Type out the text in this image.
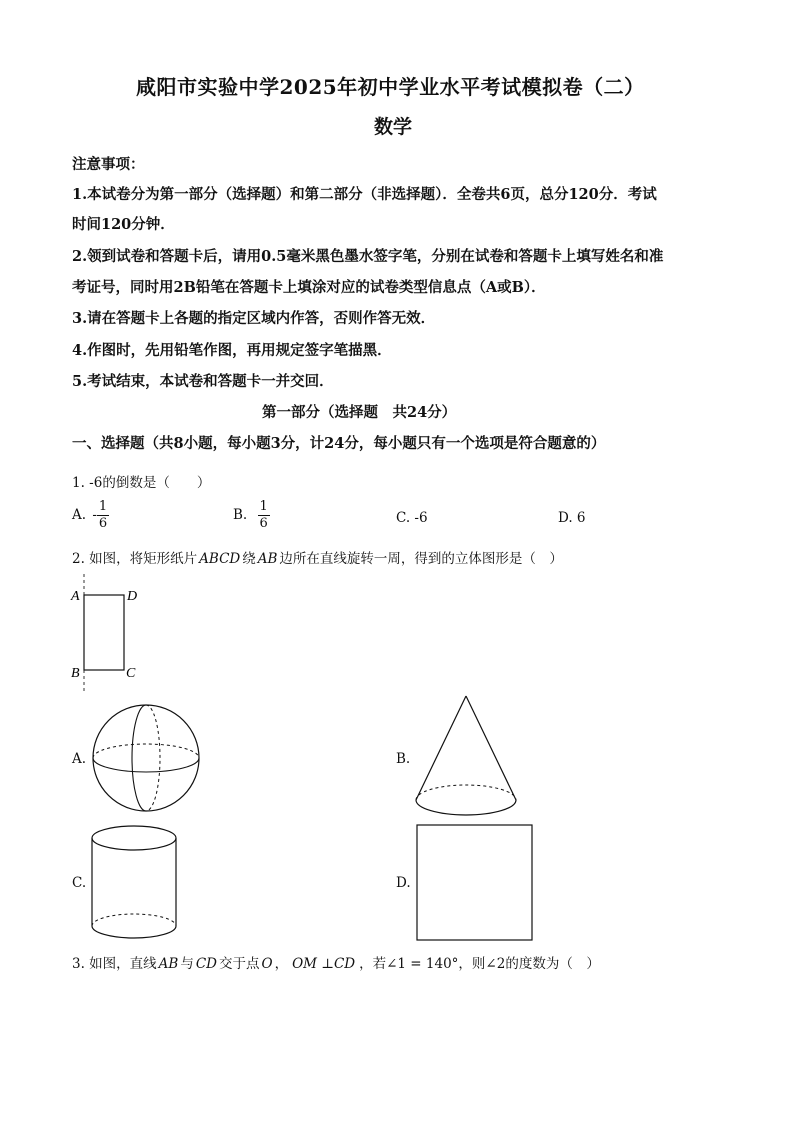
咸阳市实验中学2025年初中学业水平考试模拟卷（二）
数学
注意事项：
1.本试卷分为第一部分（选择题）和第二部分（非选择题）．全卷共6页，总分120分．考试
时间120分钟．
2.领到试卷和答题卡后，请用0.5毫米黑色墨水签字笔，分别在试卷和答题卡上填写姓名和准
考证号，同时用2B铅笔在答题卡上填涂对应的试卷类型信息点（A或B）．
3.请在答题卡上各题的指定区域内作答，否则作答无效．
4.作图时，先用铅笔作图，再用规定签字笔描黑．
5.考试结束，本试卷和答题卡一并交回．
第一部分（选择题　共24分）
一、选择题（共8小题，每小题3分，计24分，每小题只有一个选项是符合题意的）
1. -6的倒数是（　　）
A. - $\frac{1}{6}$	B. $\frac{1}{6}$	C. -6	D. 6
2. 如图，将矩形纸片 ABCD 绕 AB 边所在直线旋转一周，得到的立体图形是（　）
A	D
B	C
A.	B.
C.	D.
3. 如图，直线 AB 与 CD 交于点 O ， OM ⊥CD ，若∠1 = 140°，则∠2的度数为（　）
